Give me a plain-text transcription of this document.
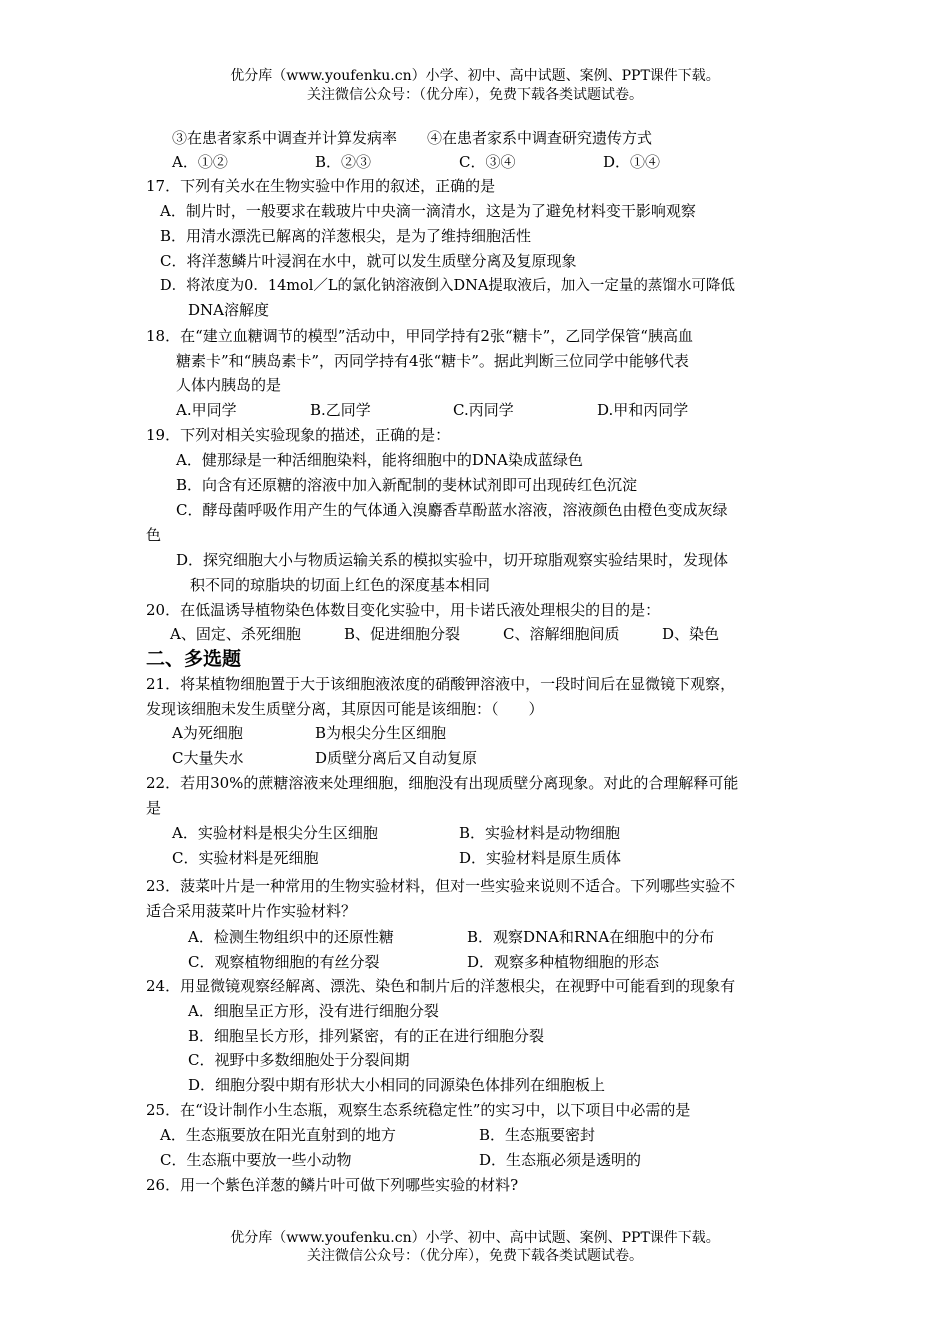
优分库（www.youfenku.cn）小学、初中、高中试题、案例、PPT课件下载。
关注微信公众号：（优分库），免费下载各类试题试卷。
③在患者家系中调查并计算发病率　　④在患者家系中调查研究遗传方式
A．①②	B．②③	C．③④	D．①④
17．下列有关水在生物实验中作用的叙述，正确的是
A．制片时，一般要求在载玻片中央滴一滴清水，这是为了避免材料变干影响观察
B．用清水漂洗已解离的洋葱根尖，是为了维持细胞活性
C．将洋葱鳞片叶浸润在水中，就可以发生质壁分离及复原现象
D．将浓度为0．14mol／L的氯化钠溶液倒入DNA提取液后，加入一定量的蒸馏水可降低
DNA溶解度
18．在“建立血糖调节的模型”活动中，甲同学持有2张“糖卡”，乙同学保管“胰高血
糖素卡”和“胰岛素卡”，丙同学持有4张“糖卡”。据此判断三位同学中能够代表
人体内胰岛的是
A.甲同学	B.乙同学	C.丙同学	D.甲和丙同学
19．下列对相关实验现象的描述，正确的是：
A．健那绿是一种活细胞染料，能将细胞中的DNA染成蓝绿色
B．向含有还原糖的溶液中加入新配制的斐林试剂即可出现砖红色沉淀
C．酵母菌呼吸作用产生的气体通入溴麝香草酚蓝水溶液，溶液颜色由橙色变成灰绿
色
D．探究细胞大小与物质运输关系的模拟实验中，切开琼脂观察实验结果时，发现体
积不同的琼脂块的切面上红色的深度基本相同
20．在低温诱导植物染色体数目变化实验中，用卡诺氏液处理根尖的目的是：
A、固定、杀死细胞	B、促进细胞分裂	C、溶解细胞间质	D、染色
二、多选题
21．将某植物细胞置于大于该细胞液浓度的硝酸钾溶液中，一段时间后在显微镜下观察，
发现该细胞未发生质壁分离，其原因可能是该细胞：（　　）
A为死细胞	B为根尖分生区细胞
C大量失水	D质壁分离后又自动复原
22．若用30%的蔗糖溶液来处理细胞，细胞没有出现质壁分离现象。对此的合理解释可能
是
A．实验材料是根尖分生区细胞	B．实验材料是动物细胞
C．实验材料是死细胞	D．实验材料是原生质体
23．菠菜叶片是一种常用的生物实验材料，但对一些实验来说则不适合。下列哪些实验不
适合采用菠菜叶片作实验材料？
A．检测生物组织中的还原性糖	B．观察DNA和RNA在细胞中的分布
C．观察植物细胞的有丝分裂	D．观察多种植物细胞的形态
24．用显微镜观察经解离、漂洗、染色和制片后的洋葱根尖，在视野中可能看到的现象有
A．细胞呈正方形，没有进行细胞分裂
B．细胞呈长方形，排列紧密，有的正在进行细胞分裂
C．视野中多数细胞处于分裂间期
D．细胞分裂中期有形状大小相同的同源染色体排列在细胞板上
25．在“设计制作小生态瓶，观察生态系统稳定性”的实习中，以下项目中必需的是
A．生态瓶要放在阳光直射到的地方	B．生态瓶要密封
C．生态瓶中要放一些小动物	D．生态瓶必须是透明的
26．用一个紫色洋葱的鳞片叶可做下列哪些实验的材料?
优分库（www.youfenku.cn）小学、初中、高中试题、案例、PPT课件下载。
关注微信公众号：（优分库），免费下载各类试题试卷。
